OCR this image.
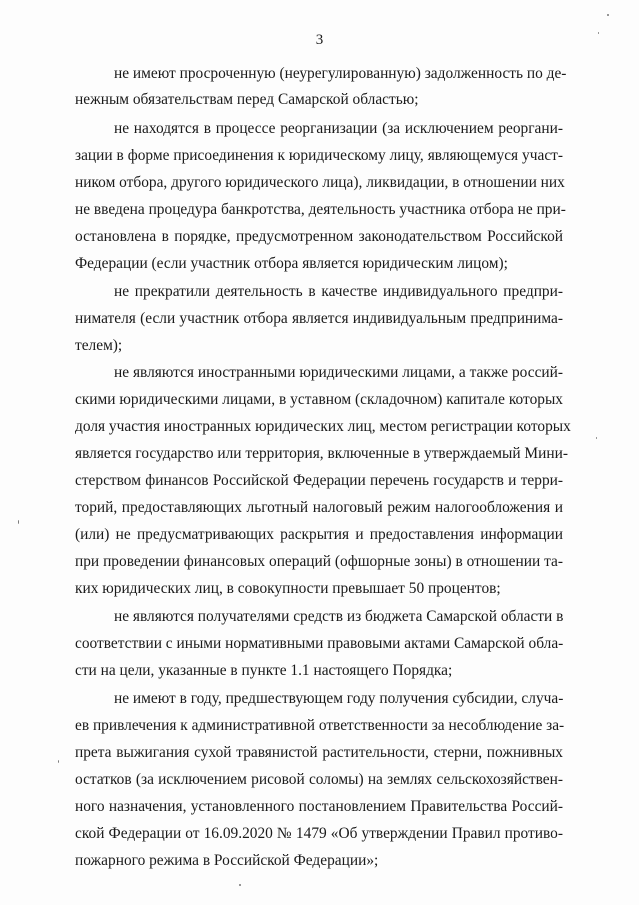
3
не имеют просроченную (неурегулированную) задолженность по де-
нежным обязательствам перед Самарской областью;
не находятся в процессе реорганизации (за исключением реоргани-
зации в форме присоединения к юридическому лицу, являющемуся участ-
ником отбора, другого юридического лица), ликвидации, в отношении них
не введена процедура банкротства, деятельность участника отбора не при-
остановлена в порядке, предусмотренном законодательством Российской
Федерации (если участник отбора является юридическим лицом);
не прекратили деятельность в качестве индивидуального предпри-
нимателя (если участник отбора является индивидуальным предпринима-
телем);
не являются иностранными юридическими лицами, а также россий-
скими юридическими лицами, в уставном (складочном) капитале которых
доля участия иностранных юридических лиц, местом регистрации которых
является государство или территория, включенные в утверждаемый Мини-
стерством финансов Российской Федерации перечень государств и терри-
торий, предоставляющих льготный налоговый режим налогообложения и
(или) не предусматривающих раскрытия и предоставления информации
при проведении финансовых операций (офшорные зоны) в отношении та-
ких юридических лиц, в совокупности превышает 50 процентов;
не являются получателями средств из бюджета Самарской области в
соответствии с иными нормативными правовыми актами Самарской обла-
сти на цели, указанные в пункте 1.1 настоящего Порядка;
не имеют в году, предшествующем году получения субсидии, случа-
ев привлечения к административной ответственности за несоблюдение за-
прета выжигания сухой травянистой растительности, стерни, пожнивных
остатков (за исключением рисовой соломы) на землях сельскохозяйствен-
ного назначения, установленного постановлением Правительства Россий-
ской Федерации от 16.09.2020 № 1479 «Об утверждении Правил противо-
пожарного режима в Российской Федерации»;
